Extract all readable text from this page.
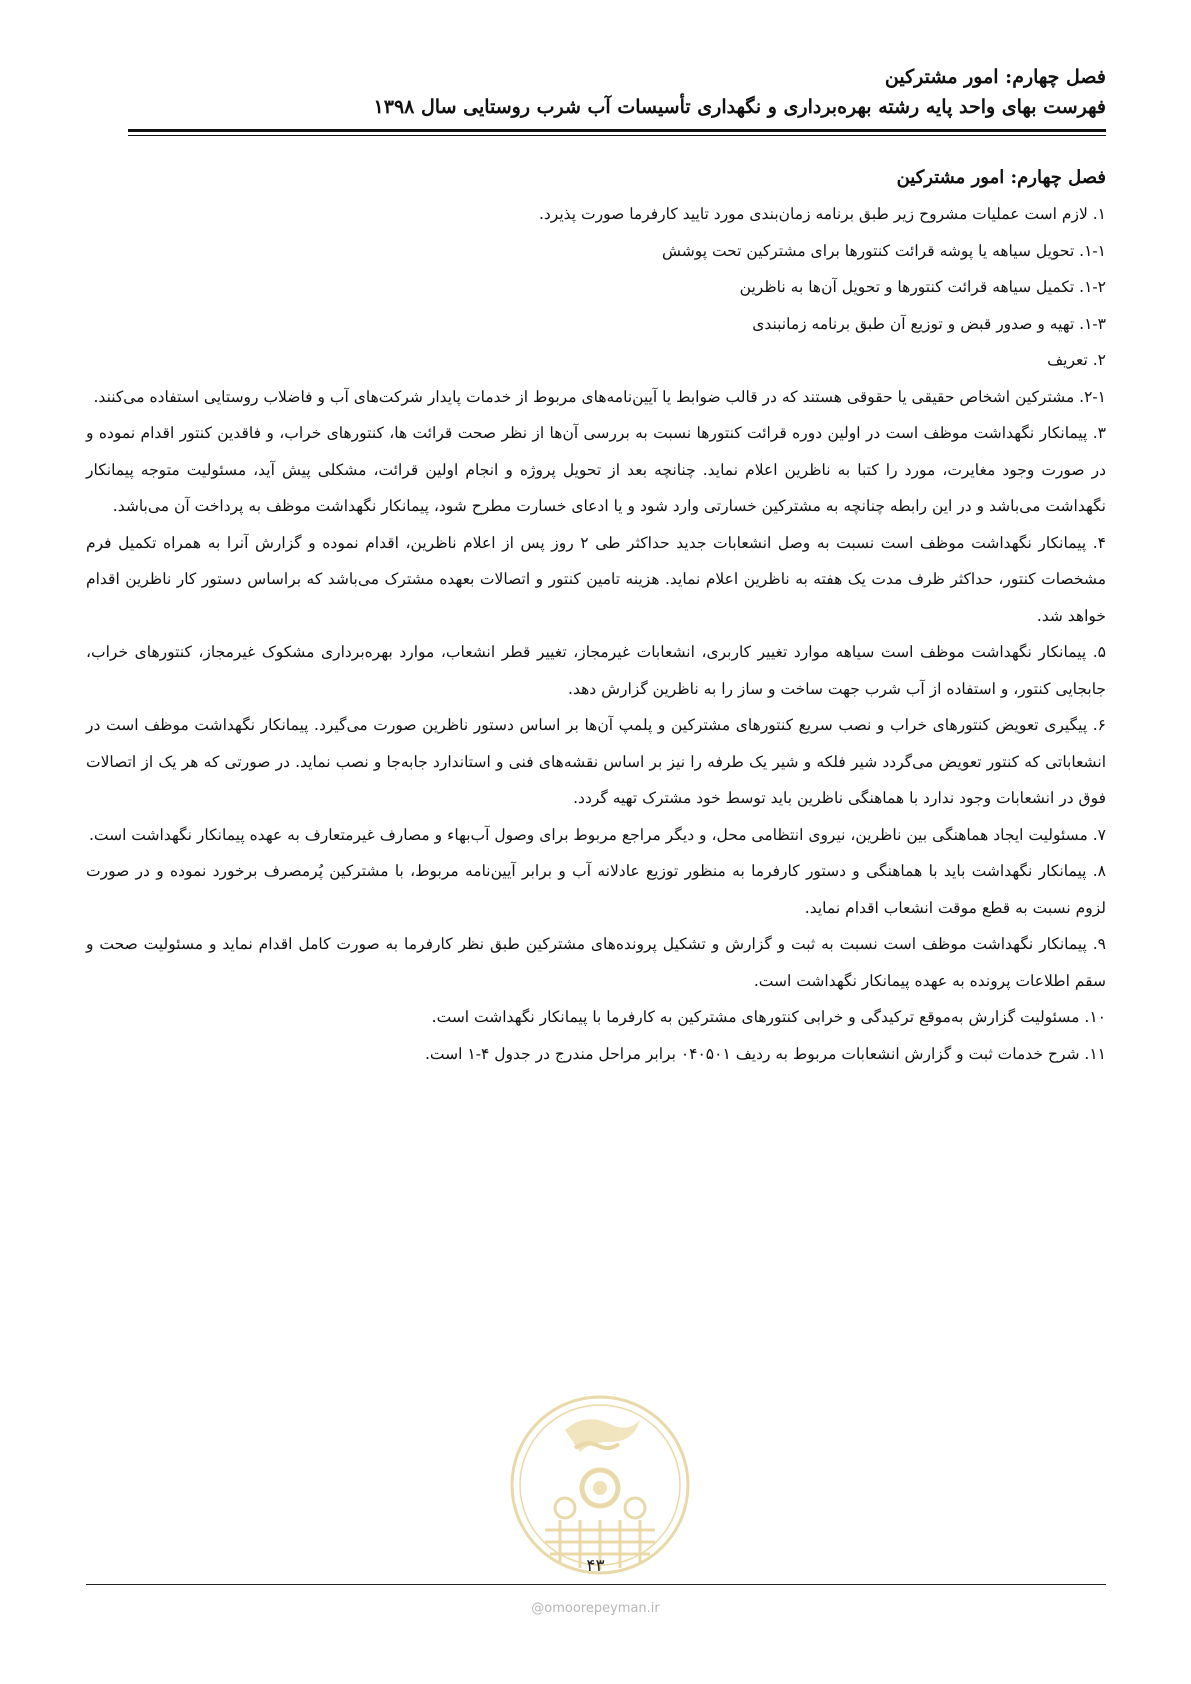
فصل چهارم: امور مشترکین
فهرست بهای واحد پایه رشته بهره‌برداری و نگهداری تأسیسات آب شرب روستایی سال ۱۳۹۸

فصل چهارم: امور مشترکین

۱. لازم است عملیات مشروح زیر طبق برنامه زمان‌بندی مورد تایید کارفرما صورت پذیرد.

۱-۱. تحویل سیاهه یا پوشه قرائت کنتورها برای مشترکین تحت پوشش

۱-۲. تکمیل سیاهه قرائت کنتورها و تحویل آن‌ها به ناظرین

۱-۳. تهیه و صدور قبض و توزیع آن طبق برنامه زمانبندی

۲. تعریف

۲-۱. مشترکین اشخاص حقیقی یا حقوقی هستند که در قالب ضوابط یا آیین‌نامه‌های مربوط از خدمات پایدار شرکت‌های آب و فاضلاب روستایی استفاده می‌کنند.

۳. پیمانکار نگهداشت موظف است در اولین دوره قرائت کنتورها نسبت به بررسی آن‌ها از نظر صحت قرائت ها، کنتورهای خراب، و فاقدین کنتور اقدام نموده و در صورت وجود مغایرت، مورد را کتبا به ناظرین اعلام نماید. چنانچه بعد از تحویل پروژه و انجام اولین قرائت، مشکلی پیش آید، مسئولیت متوجه پیمانکار نگهداشت می‌باشد و در این رابطه چنانچه به مشترکین خسارتی وارد شود و یا ادعای خسارت مطرح شود، پیمانکار نگهداشت موظف به پرداخت آن می‌باشد.

۴. پیمانکار نگهداشت موظف است نسبت به وصل انشعابات جدید حداکثر طی ۲ روز پس از اعلام ناظرین، اقدام نموده و گزارش آنرا به همراه تکمیل فرم مشخصات کنتور، حداکثر ظرف مدت یک هفته به ناظرین اعلام نماید. هزینه تامین کنتور و اتصالات بعهده مشترک می‌باشد که براساس دستور کار ناظرین اقدام خواهد شد.

۵. پیمانکار نگهداشت موظف است سیاهه موارد تغییر کاربری، انشعابات غیرمجاز، تغییر قطر انشعاب، موارد بهره‌برداری مشکوک غیرمجاز، کنتورهای خراب، جابجایی کنتور، و استفاده از آب شرب جهت ساخت و ساز را به ناظرین گزارش دهد.

۶. پیگیری تعویض کنتورهای خراب و نصب سریع کنتورهای مشترکین و پلمپ آن‌ها بر اساس دستور ناظرین صورت می‌گیرد. پیمانکار نگهداشت موظف است در انشعاباتی که کنتور تعویض می‌گردد شیر فلکه و شیر یک طرفه را نیز بر اساس نقشه‌های فنی و استاندارد جابه‌جا و نصب نماید. در صورتی که هر یک از اتصالات فوق در انشعابات وجود ندارد با هماهنگی ناظرین باید توسط خود مشترک تهیه گردد.

۷. مسئولیت ایجاد هماهنگی بین ناظرین، نیروی انتظامی محل، و دیگر مراجع مربوط برای وصول آب‌بهاء و مصارف غیرمتعارف به عهده پیمانکار نگهداشت است.

۸. پیمانکار نگهداشت باید با هماهنگی و دستور کارفرما به منظور توزیع عادلانه آب و برابر آیین‌نامه مربوط، با مشترکین پُرمصرف برخورد نموده و در صورت لزوم نسبت به قطع موقت انشعاب اقدام نماید.

۹. پیمانکار نگهداشت موظف است نسبت به ثبت و گزارش و تشکیل پرونده‌های مشترکین طبق نظر کارفرما به صورت کامل اقدام نماید و مسئولیت صحت و سقم اطلاعات پرونده به عهده پیمانکار نگهداشت است.

۱۰. مسئولیت گزارش به‌موقع ترکیدگی و خرابی کنتورهای مشترکین به کارفرما با پیمانکار نگهداشت است.

۱۱. شرح خدمات ثبت و گزارش انشعابات مربوط به ردیف ۰۴۰۵۰۱ برابر مراحل مندرج در جدول ۴-۱ است.

۴۳
@omoorepeyman.ir
